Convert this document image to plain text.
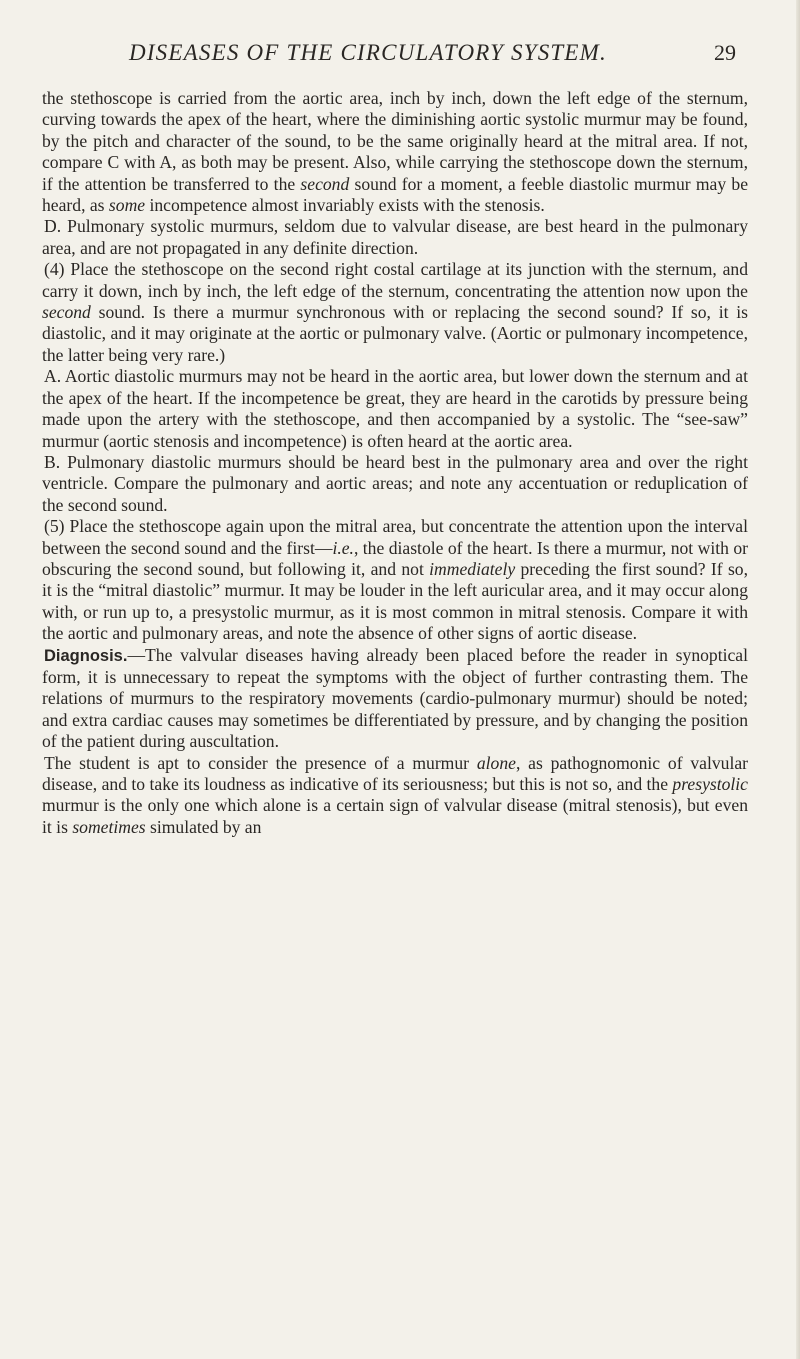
DISEASES OF THE CIRCULATORY SYSTEM.	29

the stethoscope is carried from the aortic area, inch by inch, down the left edge of the sternum, curving towards the apex of the heart, where the diminishing aortic systolic murmur may be found, by the pitch and character of the sound, to be the same originally heard at the mitral area. If not, compare C with A, as both may be present. Also, while carrying the stethoscope down the sternum, if the attention be transferred to the second sound for a moment, a feeble diastolic murmur may be heard, as some incompetence almost invariably exists with the stenosis.

D. Pulmonary systolic murmurs, seldom due to valvular disease, are best heard in the pulmonary area, and are not propagated in any definite direction.

(4) Place the stethoscope on the second right costal cartilage at its junction with the sternum, and carry it down, inch by inch, the left edge of the sternum, concentrating the attention now upon the second sound. Is there a murmur synchronous with or replacing the second sound? If so, it is diastolic, and it may originate at the aortic or pulmonary valve. (Aortic or pulmonary incompetence, the latter being very rare.)

A. Aortic diastolic murmurs may not be heard in the aortic area, but lower down the sternum and at the apex of the heart. If the incompetence be great, they are heard in the carotids by pressure being made upon the artery with the stethoscope, and then accompanied by a systolic. The “see-saw” murmur (aortic stenosis and incompetence) is often heard at the aortic area.

B. Pulmonary diastolic murmurs should be heard best in the pulmonary area and over the right ventricle. Compare the pulmonary and aortic areas; and note any accentuation or reduplication of the second sound.

(5) Place the stethoscope again upon the mitral area, but concentrate the attention upon the interval between the second sound and the first—i.e., the diastole of the heart. Is there a murmur, not with or obscuring the second sound, but following it, and not immediately preceding the first sound? If so, it is the “mitral diastolic” murmur. It may be louder in the left auricular area, and it may occur along with, or run up to, a presystolic murmur, as it is most common in mitral stenosis. Compare it with the aortic and pulmonary areas, and note the absence of other signs of aortic disease.

Diagnosis.—The valvular diseases having already been placed before the reader in synoptical form, it is unnecessary to repeat the symptoms with the object of further contrasting them. The relations of murmurs to the respiratory movements (cardio-pulmonary murmur) should be noted; and extra cardiac causes may sometimes be differentiated by pressure, and by changing the position of the patient during auscultation.

The student is apt to consider the presence of a murmur alone, as pathognomonic of valvular disease, and to take its loudness as indicative of its seriousness; but this is not so, and the presystolic murmur is the only one which alone is a certain sign of valvular disease (mitral stenosis), but even it is sometimes simulated by an
